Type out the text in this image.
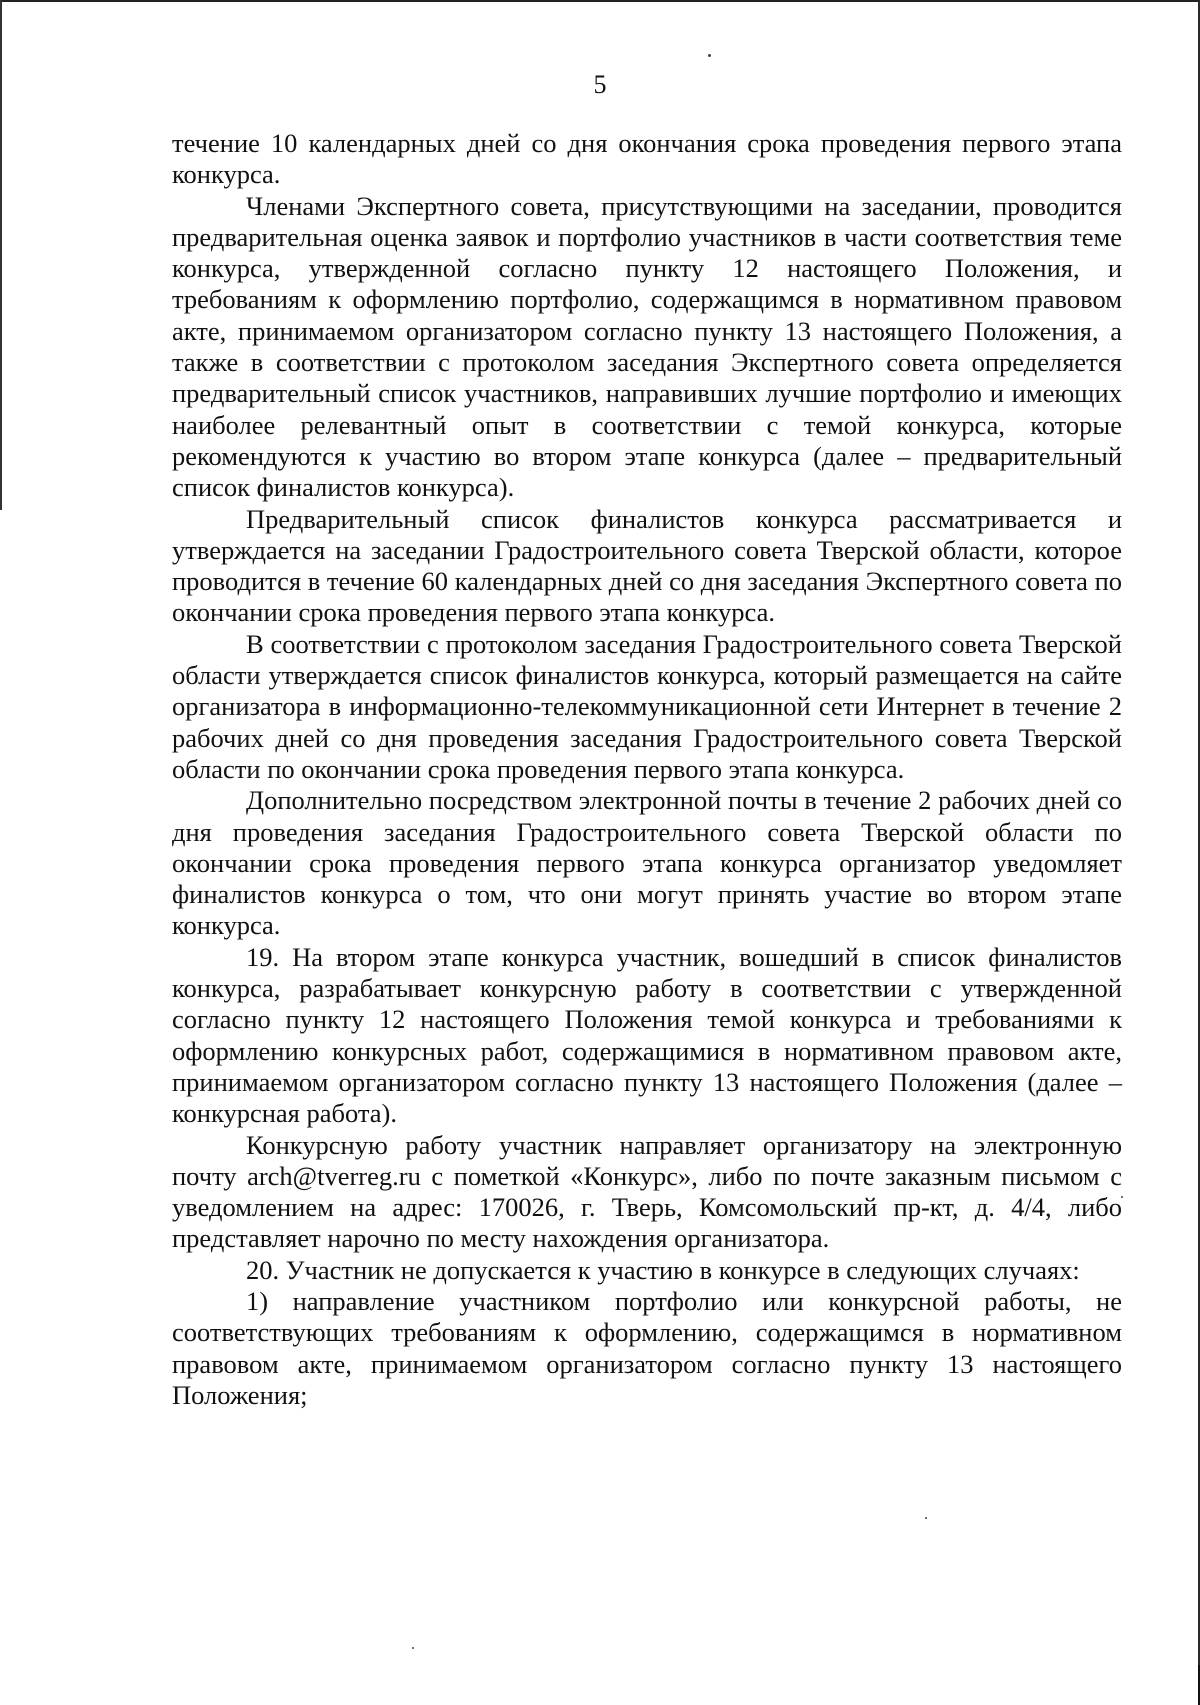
5

течение 10 календарных дней со дня окончания срока проведения первого этапа конкурса.

Членами Экспертного совета, присутствующими на заседании, проводится предварительная оценка заявок и портфолио участников в части соответствия теме конкурса, утвержденной согласно пункту 12 настоящего Положения, и требованиям к оформлению портфолио, содержащимся в нормативном правовом акте, принимаемом организатором согласно пункту 13 настоящего Положения, а также в соответствии с протоколом заседания Экспертного совета определяется предварительный список участников, направивших лучшие портфолио и имеющих наиболее релевантный опыт в соответствии с темой конкурса, которые рекомендуются к участию во втором этапе конкурса (далее – предварительный список финалистов конкурса).

Предварительный список финалистов конкурса рассматривается и утверждается на заседании Градостроительного совета Тверской области, которое проводится в течение 60 календарных дней со дня заседания Экспертного совета по окончании срока проведения первого этапа конкурса.

В соответствии с протоколом заседания Градостроительного совета Тверской области утверждается список финалистов конкурса, который размещается на сайте организатора в информационно-телекоммуникационной сети Интернет в течение 2 рабочих дней со дня проведения заседания Градостроительного совета Тверской области по окончании срока проведения первого этапа конкурса.

Дополнительно посредством электронной почты в течение 2 рабочих дней со дня проведения заседания Градостроительного совета Тверской области по окончании срока проведения первого этапа конкурса организатор уведомляет финалистов конкурса о том, что они могут принять участие во втором этапе конкурса.

19. На втором этапе конкурса участник, вошедший в список финалистов конкурса, разрабатывает конкурсную работу в соответствии с утвержденной согласно пункту 12 настоящего Положения темой конкурса и требованиями к оформлению конкурсных работ, содержащимися в нормативном правовом акте, принимаемом организатором согласно пункту 13 настоящего Положения (далее – конкурсная работа).

Конкурсную работу участник направляет организатору на электронную почту arch@tverreg.ru с пометкой «Конкурс», либо по почте заказным письмом с уведомлением на адрес: 170026, г. Тверь, Комсомольский пр-кт, д. 4/4, либо представляет нарочно по месту нахождения организатора.

20. Участник не допускается к участию в конкурсе в следующих случаях:

1) направление участником портфолио или конкурсной работы, не соответствующих требованиям к оформлению, содержащимся в нормативном правовом акте, принимаемом организатором согласно пункту 13 настоящего Положения;
